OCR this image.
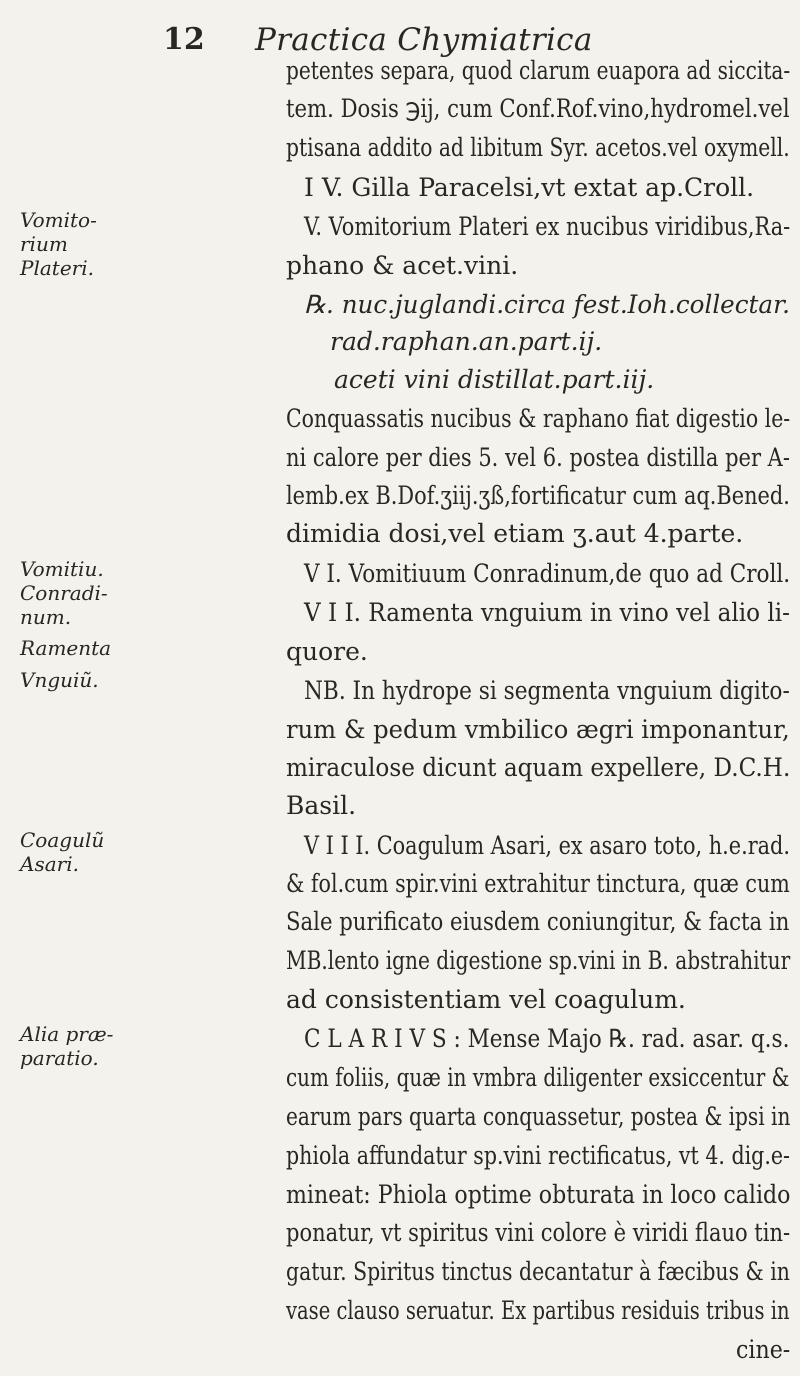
12 Practica Chymiatrica
petentes separa, quod clarum euapora ad siccita-
tem. Dosis ℈ij, cum Conf.Rof.vino,hydromel.vel
ptisana addito ad libitum Syr. acetos.vel oxymell.
I V. Gilla Paracelsi,vt extat ap.Croll.
V. Vomitorium Plateri ex nucibus viridibus,Ra-
phano & acet.vini.
℞. nuc.juglandi.circa fest.Ioh.collectar.
rad.raphan.an.part.ij.
aceti vini distillat.part.iij.
Conquassatis nucibus & raphano fiat digestio le-
ni calore per dies 5. vel 6. postea distilla per A-
lemb.ex B.Dof.ʒiij.ʒß,fortificatur cum aq.Bened.
dimidia dosi,vel etiam ʒ.aut 4.parte.
V I. Vomitiuum Conradinum,de quo ad Croll.
V I I. Ramenta vnguium in vino vel alio li-
quore.
NB. In hydrope si segmenta vnguium digito-
rum & pedum vmbilico ægri imponantur,
miraculose dicunt aquam expellere, D.C.H.
Basil.
V I I I. Coagulum Asari, ex asaro toto, h.e.rad.
& fol.cum spir.vini extrahitur tinctura, quæ cum
Sale purificato eiusdem coniungitur, & facta in
MB.lento igne digestione sp.vini in B. abstrahitur
ad consistentiam vel coagulum.
C L A R I V S : Mense Majo ℞. rad. asar. q.s.
cum foliis, quæ in vmbra diligenter exsiccentur &
earum pars quarta conquassetur, postea & ipsi in
phiola affundatur sp.vini rectificatus, vt 4. dig.e-
mineat: Phiola optime obturata in loco calido
ponatur, vt spiritus vini colore è viridi flauo tin-
gatur. Spiritus tinctus decantatur à fæcibus & in
vase clauso seruatur. Ex partibus residuis tribus in
cine-
Vomito-
rium
Plateri.
Vomitiu.
Conradi-
num.
Ramenta
Vnguiũ.
Coagulũ
Asari.
Alia præ-
paratio.
